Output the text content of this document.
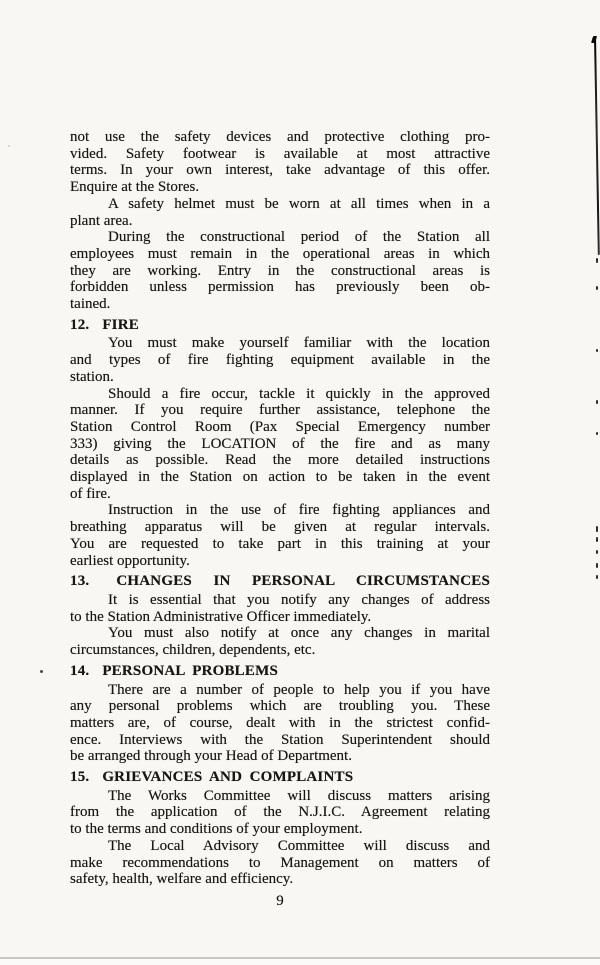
not use the safety devices and protective clothing pro-
vided. Safety footwear is available at most attractive
terms. In your own interest, take advantage of this offer.
Enquire at the Stores.
A safety helmet must be worn at all times when in a
plant area.
During the constructional period of the Station all
employees must remain in the operational areas in which
they are working. Entry in the constructional areas is
forbidden unless permission has previously been ob-
tained.
12. FIRE
You must make yourself familiar with the location
and types of fire fighting equipment available in the
station.
Should a fire occur, tackle it quickly in the approved
manner. If you require further assistance, telephone the
Station Control Room (Pax Special Emergency number
333) giving the LOCATION of the fire and as many
details as possible. Read the more detailed instructions
displayed in the Station on action to be taken in the event
of fire.
Instruction in the use of fire fighting appliances and
breathing apparatus will be given at regular intervals.
You are requested to take part in this training at your
earliest opportunity.
13. CHANGES IN PERSONAL CIRCUMSTANCES
It is essential that you notify any changes of address
to the Station Administrative Officer immediately.
You must also notify at once any changes in marital
circumstances, children, dependents, etc.
14. PERSONAL PROBLEMS
There are a number of people to help you if you have
any personal problems which are troubling you. These
matters are, of course, dealt with in the strictest confid-
ence. Interviews with the Station Superintendent should
be arranged through your Head of Department.
15. GRIEVANCES AND COMPLAINTS
The Works Committee will discuss matters arising
from the application of the N.J.I.C. Agreement relating
to the terms and conditions of your employment.
The Local Advisory Committee will discuss and
make recommendations to Management on matters of
safety, health, welfare and efficiency.
9
